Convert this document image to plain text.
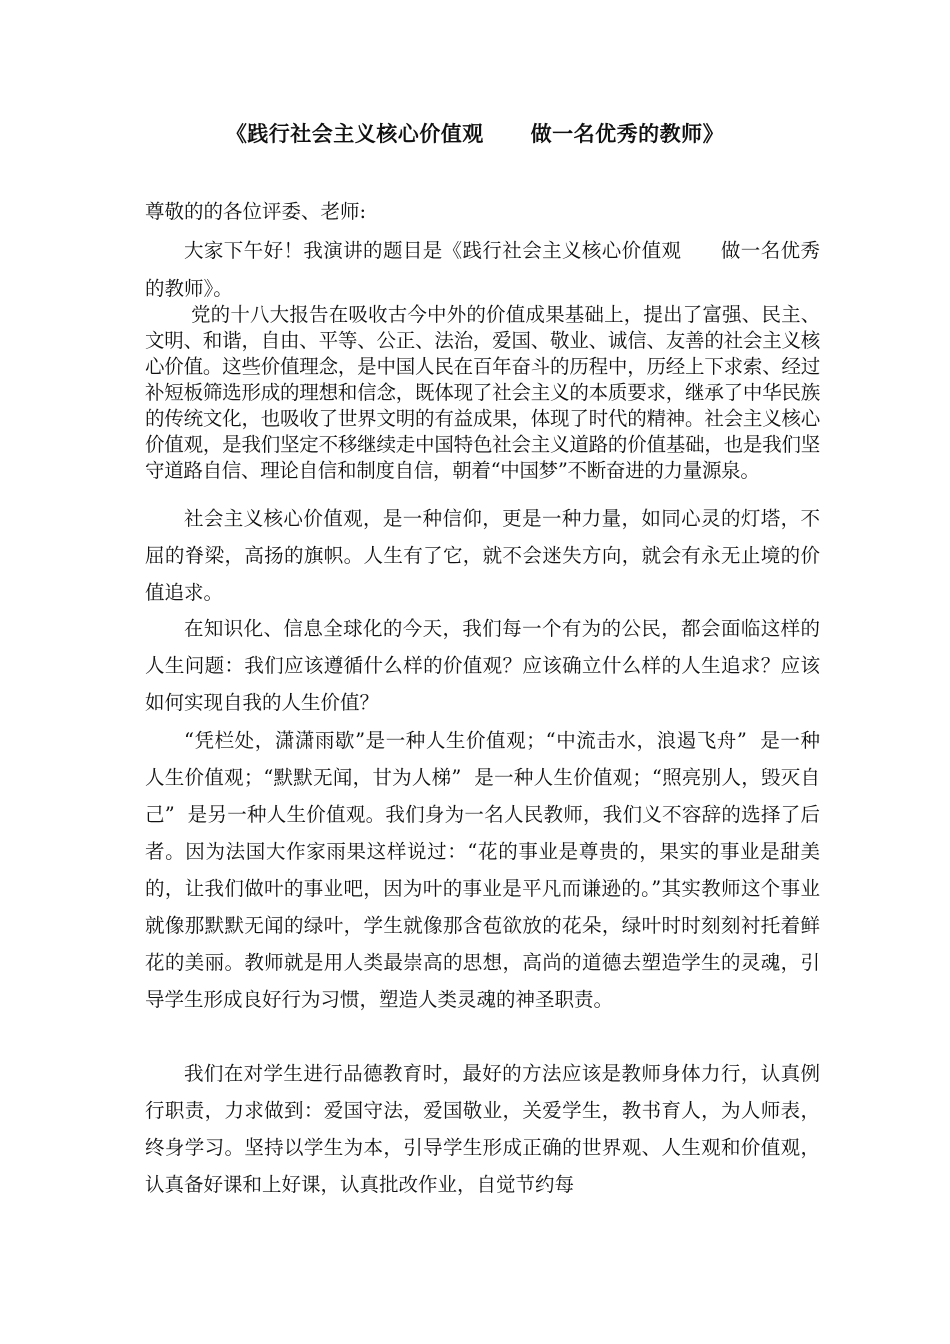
《践行社会主义核心价值观      做一名优秀的教师》
尊敬的的各位评委、老师:
大家下午好！我演讲的题目是《践行社会主义核心价值观      做一名优秀的教师》。
党的十八大报告在吸收古今中外的价值成果基础上，提出了富强、民主、文明、和谐，自由、平等、公正、法治，爱国、敬业、诚信、友善的社会主义核心价值。这些价值理念，是中国人民在百年奋斗的历程中，历经上下求索、经过补短板筛选形成的理想和信念，既体现了社会主义的本质要求，继承了中华民族的传统文化，也吸收了世界文明的有益成果，体现了时代的精神。社会主义核心价值观，是我们坚定不移继续走中国特色社会主义道路的价值基础，也是我们坚守道路自信、理论自信和制度自信，朝着“中国梦”不断奋进的力量源泉。
社会主义核心价值观，是一种信仰，更是一种力量，如同心灵的灯塔，不屈的脊梁，高扬的旗帜。人生有了它，就不会迷失方向，就会有永无止境的价值追求。
在知识化、信息全球化的今天，我们每一个有为的公民，都会面临这样的人生问题：我们应该遵循什么样的价值观？应该确立什么样的人生追求？应该如何实现自我的人生价值？
“凭栏处，潇潇雨歇”是一种人生价值观；“中流击水，浪遏飞舟”  是一种人生价值观；“默默无闻，甘为人梯”  是一种人生价值观；“照亮别人，毁灭自己”  是另一种人生价值观。我们身为一名人民教师，我们义不容辞的选择了后者。因为法国大作家雨果这样说过：“花的事业是尊贵的，果实的事业是甜美的，让我们做叶的事业吧，因为叶的事业是平凡而谦逊的。”其实教师这个事业就像那默默无闻的绿叶，学生就像那含苞欲放的花朵，绿叶时时刻刻衬托着鲜花的美丽。教师就是用人类最崇高的思想，高尚的道德去塑造学生的灵魂，引导学生形成良好行为习惯，塑造人类灵魂的神圣职责。
我们在对学生进行品德教育时，最好的方法应该是教师身体力行，认真例行职责，力求做到：爱国守法，爱国敬业，关爱学生，教书育人，为人师表，终身学习。坚持以学生为本，引导学生形成正确的世界观、人生观和价值观，认真备好课和上好课，认真批改作业，自觉节约每
